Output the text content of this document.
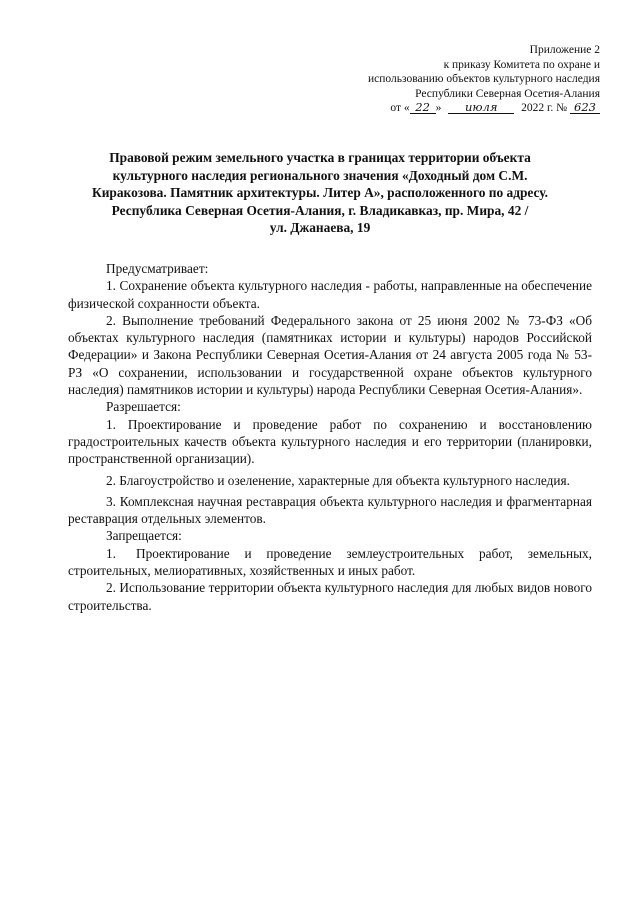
Приложение 2
к приказу Комитета по охране и
использованию объектов культурного наследия
Республики Северная Осетия-Алания
от « 22 » июля 2022 г. № 623
Правовой режим земельного участка в границах территории объекта
культурного наследия регионального значения «Доходный дом С.М.
Киракозова. Памятник архитектуры. Литер А», расположенного по адресу.
Республика Северная Осетия-Алания, г. Владикавказ, пр. Мира, 42 /
ул. Джанаева, 19

Предусматривает:

1. Сохранение объекта культурного наследия - работы, направленные на обеспечение физической сохранности объекта.

2. Выполнение требований Федерального закона от 25 июня 2002 № 73-ФЗ «Об объектах культурного наследия (памятниках истории и культуры) народов Российской Федерации» и Закона Республики Северная Осетия-Алания от 24 августа 2005 года № 53-РЗ «О сохранении, использовании и государственной охране объектов культурного наследия) памятников истории и культуры) народа Республики Северная Осетия-Алания».

Разрешается:

1. Проектирование и проведение работ по сохранению и восстановлению градостроительных качеств объекта культурного наследия и его территории (планировки, пространственной организации).

2. Благоустройство и озеленение, характерные для объекта культурного наследия.

3. Комплексная научная реставрация объекта культурного наследия и фрагментарная реставрация отдельных элементов.

Запрещается:

1. Проектирование и проведение землеустроительных работ, земельных, строительных, мелиоративных, хозяйственных и иных работ.

2. Использование территории объекта культурного наследия для любых видов нового строительства.
